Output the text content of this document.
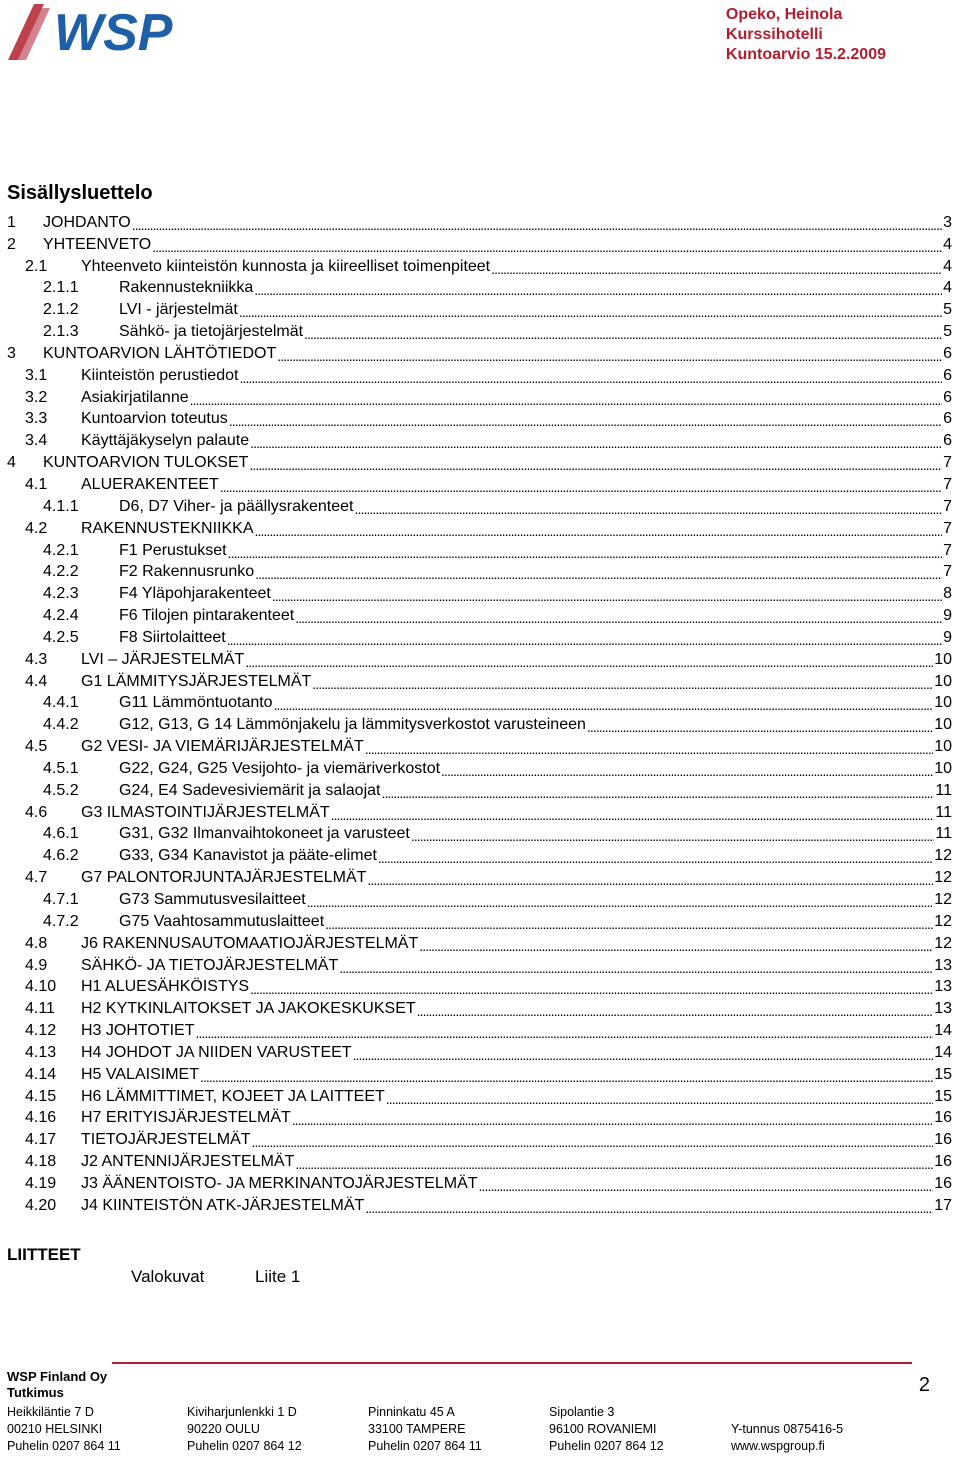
WSP	Opeko, Heinola
Kurssihotelli
Kuntoarvio 15.2.2009
Sisällysluettelo
1	JOHDANTO . . .	3
2	YHTEENVETO . . .	4
2.1	Yhteenveto kiinteistön kunnosta ja kiireelliset toimenpiteet . . .	4
2.1.1	Rakennustekniikka . . .	4
2.1.2	LVI - järjestelmät . . .	5
2.1.3	Sähkö- ja tietojärjestelmät . . .	5
3	KUNTOARVION LÄHTÖTIEDOT . . .	6
3.1	Kiinteistön perustiedot . . .	6
3.2	Asiakirjatilanne . . .	6
3.3	Kuntoarvion toteutus . . .	6
3.4	Käyttäjäkyselyn palaute . . .	6
4	KUNTOARVION TULOKSET . . .	7
4.1	ALUERAKENTEET . . .	7
4.1.1	D6, D7 Viher- ja päällysrakenteet . . .	7
4.2	RAKENNUSTEKNIIKKA . . .	7
4.2.1	F1 Perustukset . . .	7
4.2.2	F2 Rakennusrunko . . .	7
4.2.3	F4 Yläpohjarakenteet . . .	8
4.2.4	F6 Tilojen pintarakenteet . . .	9
4.2.5	F8 Siirtolaitteet . . .	9
4.3	LVI – JÄRJESTELMÄT . . .	10
4.4	G1 LÄMMITYSJÄRJESTELMÄT . . .	10
4.4.1	G11 Lämmöntuotanto . . .	10
4.4.2	G12, G13, G 14 Lämmönjakelu ja lämmitysverkostot varusteineen . . .	10
4.5	G2 VESI- JA VIEMÄRIJÄRJESTELMÄT . . .	10
4.5.1	G22, G24, G25 Vesijohto- ja viemäriverkostot . . .	10
4.5.2	G24, E4 Sadevesiviemärit ja salaojat . . .	11
4.6	G3 ILMASTOINTIJÄRJESTELMÄT . . .	11
4.6.1	G31, G32 Ilmanvaihtokoneet ja varusteet . . .	11
4.6.2	G33, G34 Kanavistot ja pääte-elimet . . .	12
4.7	G7 PALONTORJUNTAJÄRJESTELMÄT . . .	12
4.7.1	G73 Sammutusvesilaitteet . . .	12
4.7.2	G75 Vaahtosammutuslaitteet . . .	12
4.8	J6 RAKENNUSAUTOMAATIOJÄRJESTELMÄT . . .	12
4.9	SÄHKÖ- JA TIETOJÄRJESTELMÄT . . .	13
4.10	H1 ALUESÄHKÖISTYS . . .	13
4.11	H2 KYTKINLAITOKSET JA JAKOKESKUKSET . . .	13
4.12	H3 JOHTOTIET . . .	14
4.13	H4 JOHDOT JA NIIDEN VARUSTEET . . .	14
4.14	H5 VALAISIMET . . .	15
4.15	H6 LÄMMITTIMET, KOJEET JA LAITTEET . . .	15
4.16	H7 ERITYISJÄRJESTELMÄT . . .	16
4.17	TIETOJÄRJESTELMÄT . . .	16
4.18	J2 ANTENNIJÄRJESTELMÄT . . .	16
4.19	J3 ÄÄNENTOISTO- JA MERKINANTOJÄRJESTELMÄT . . .	16
4.20	J4 KIINTEISTÖN ATK-JÄRJESTELMÄT . . .	17
LIITTEET
Valokuvat	Liite 1
WSP Finland Oy
Tutkimus	2
Heikkiläntie 7 D
00210 HELSINKI
Puhelin 0207 864 11
Kiviharjunlenkki 1 D
90220 OULU
Puhelin 0207 864 12
Pinninkatu 45 A
33100 TAMPERE
Puhelin 0207 864 11
Sipolantie 3
96100 ROVANIEMI
Puhelin 0207 864 12
Y-tunnus 0875416-5
www.wspgroup.fi
